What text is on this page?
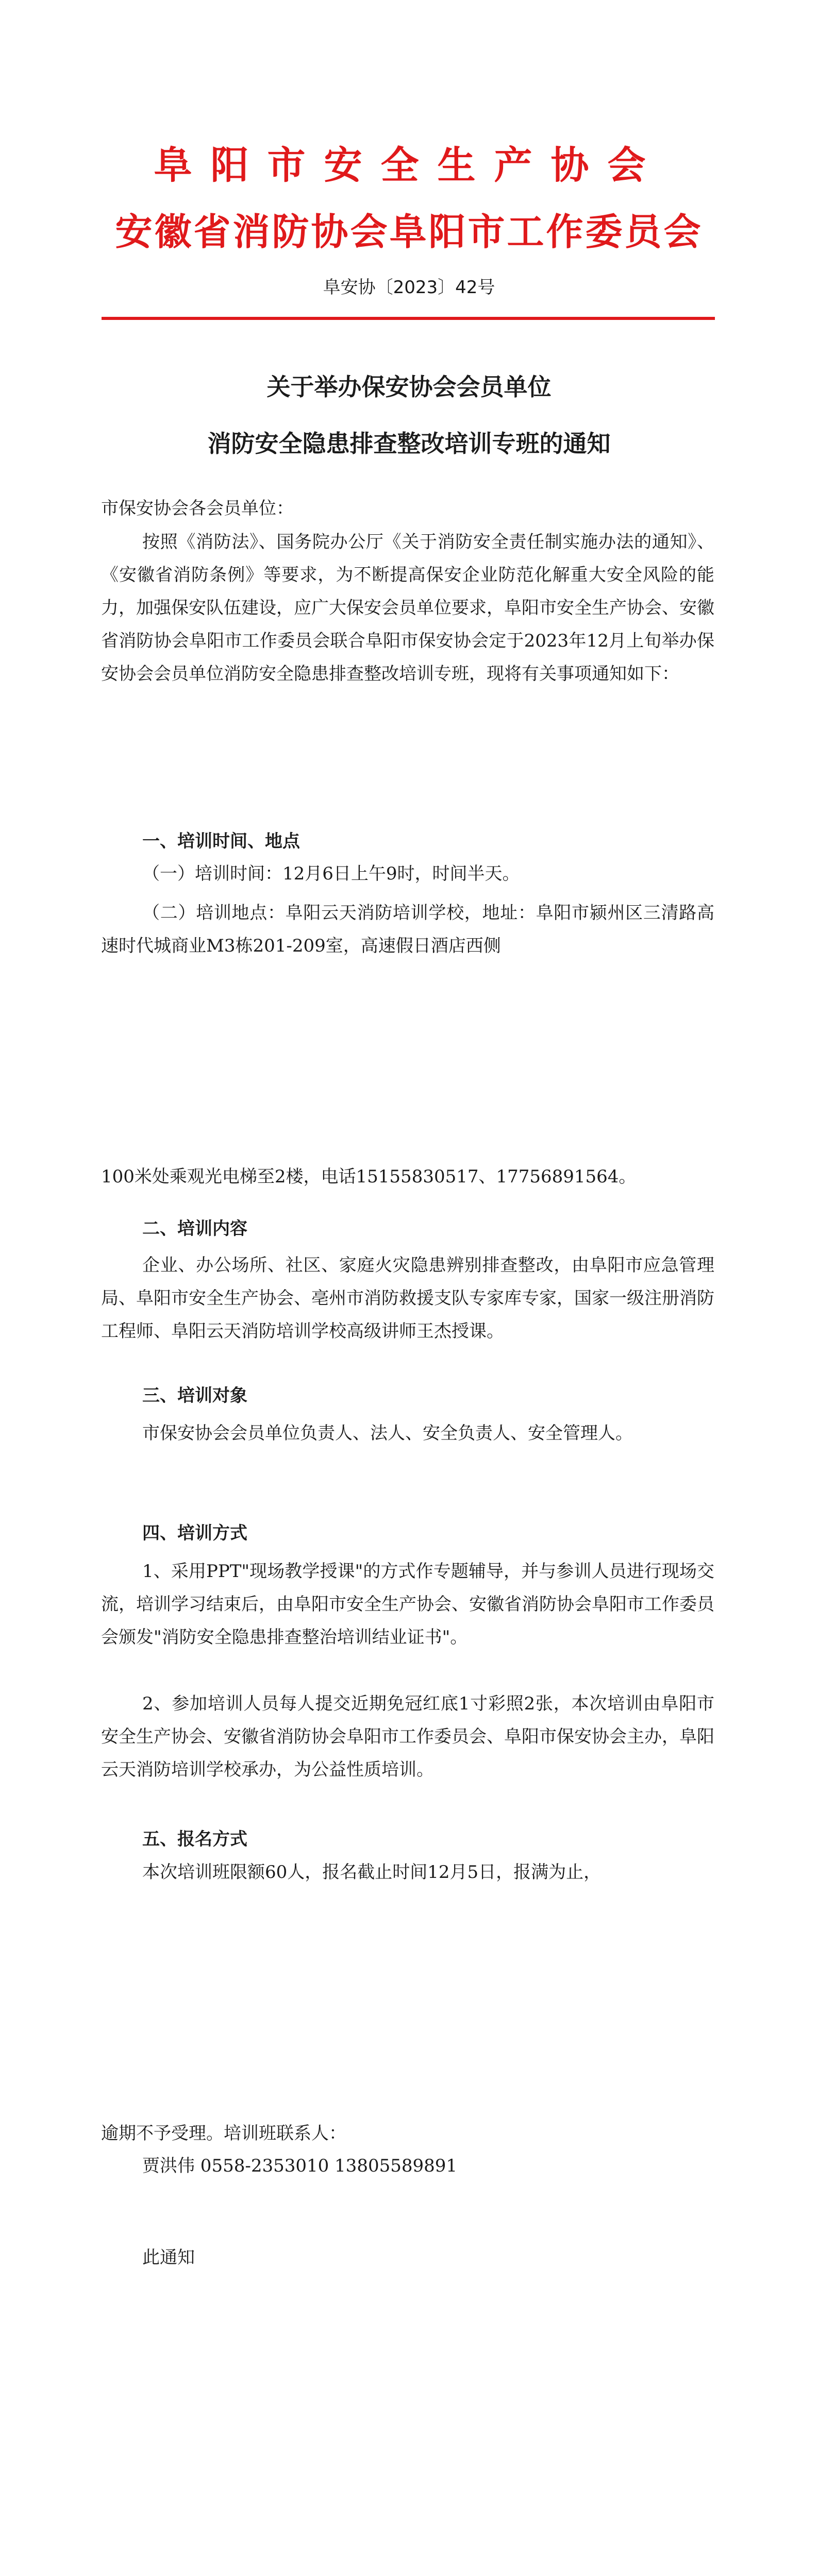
阜阳市安全生产协会
安徽省消防协会阜阳市工作委员会
阜安协〔2023〕42号
关于举办保安协会会员单位
消防安全隐患排查整改培训专班的通知
市保安协会各会员单位：
按照《消防法》、国务院办公厅《关于消防安全责任制实施办法的通知》、《安徽省消防条例》等要求，为不断提高保安企业防范化解重大安全风险的能力，加强保安队伍建设，应广大保安会员单位要求，阜阳市安全生产协会、安徽省消防协会阜阳市工作委员会联合阜阳市保安协会定于2023年12月上旬举办保安协会会员单位消防安全隐患排查整改培训专班，现将有关事项通知如下：
一、培训时间、地点
（一）培训时间：12月6日上午9时，时间半天。
（二）培训地点：阜阳云天消防培训学校，地址：阜阳市颍州区三清路高速时代城商业M3栋201-209室，高速假日酒店西侧
100米处乘观光电梯至2楼，电话15155830517、17756891564。
二、培训内容
企业、办公场所、社区、家庭火灾隐患辨别排查整改，由阜阳市应急管理局、阜阳市安全生产协会、亳州市消防救援支队专家库专家，国家一级注册消防工程师、阜阳云天消防培训学校高级讲师王杰授课。
三、培训对象
市保安协会会员单位负责人、法人、安全负责人、安全管理人。
四、培训方式
1、采用PPT"现场教学授课"的方式作专题辅导，并与参训人员进行现场交流，培训学习结束后，由阜阳市安全生产协会、安徽省消防协会阜阳市工作委员会颁发"消防安全隐患排查整治培训结业证书"。
2、参加培训人员每人提交近期免冠红底1寸彩照2张，本次培训由阜阳市安全生产协会、安徽省消防协会阜阳市工作委员会、阜阳市保安协会主办，阜阳云天消防培训学校承办，为公益性质培训。
五、报名方式
本次培训班限额60人，报名截止时间12月5日，报满为止，
逾期不予受理。培训班联系人：
贾洪伟 0558-2353010 13805589891
此通知
